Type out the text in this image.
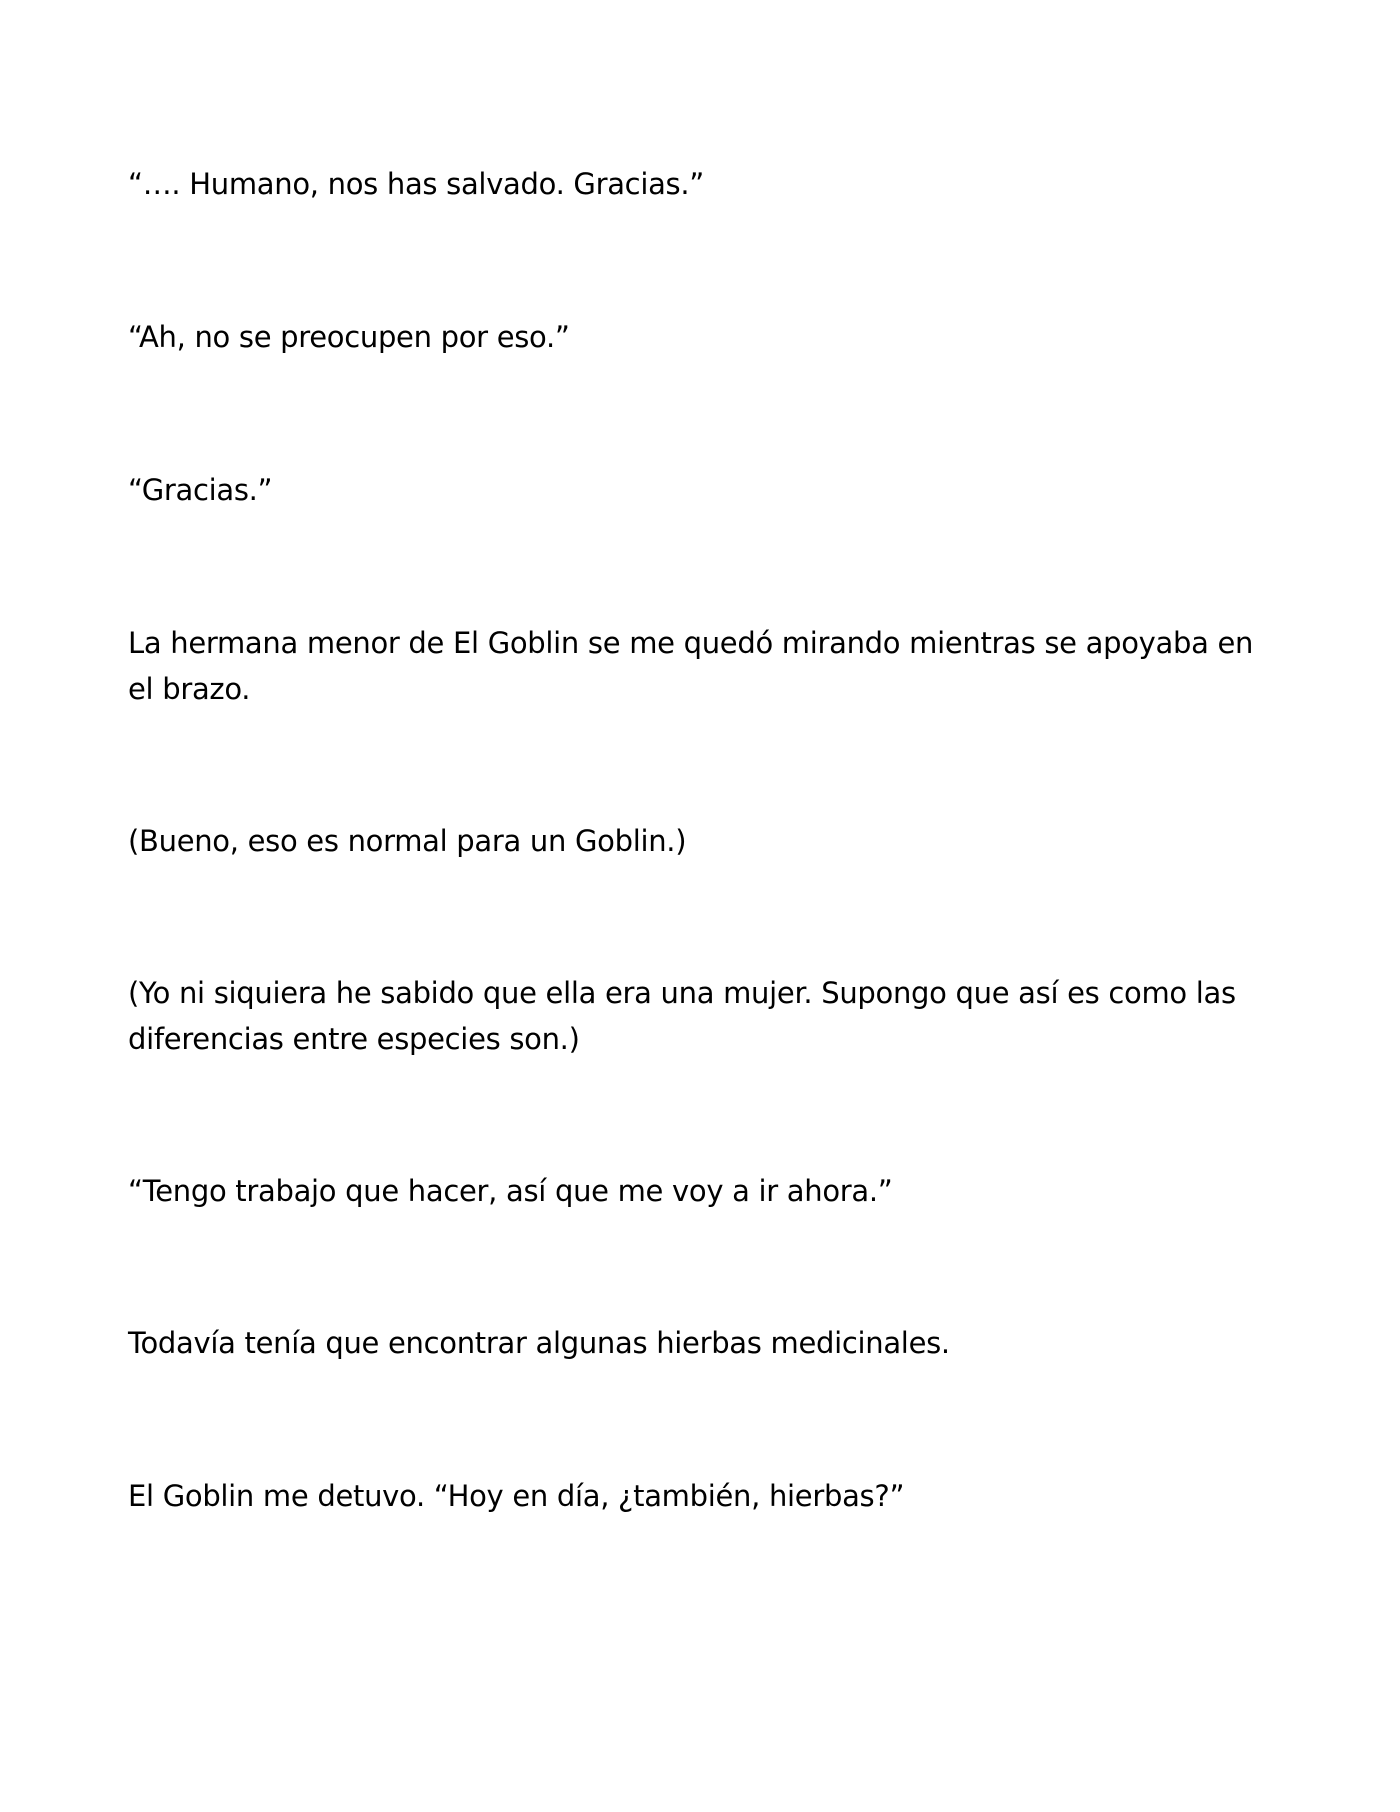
“…. Humano, nos has salvado. Gracias.”

“Ah, no se preocupen por eso.”

“Gracias.”

La hermana menor de El Goblin se me quedó mirando mientras se apoyaba en el brazo.

(Bueno, eso es normal para un Goblin.)

(Yo ni siquiera he sabido que ella era una mujer. Supongo que así es como las diferencias entre especies son.)

“Tengo trabajo que hacer, así que me voy a ir ahora.”

Todavía tenía que encontrar algunas hierbas medicinales.

El Goblin me detuvo. “Hoy en día, ¿también, hierbas?”
